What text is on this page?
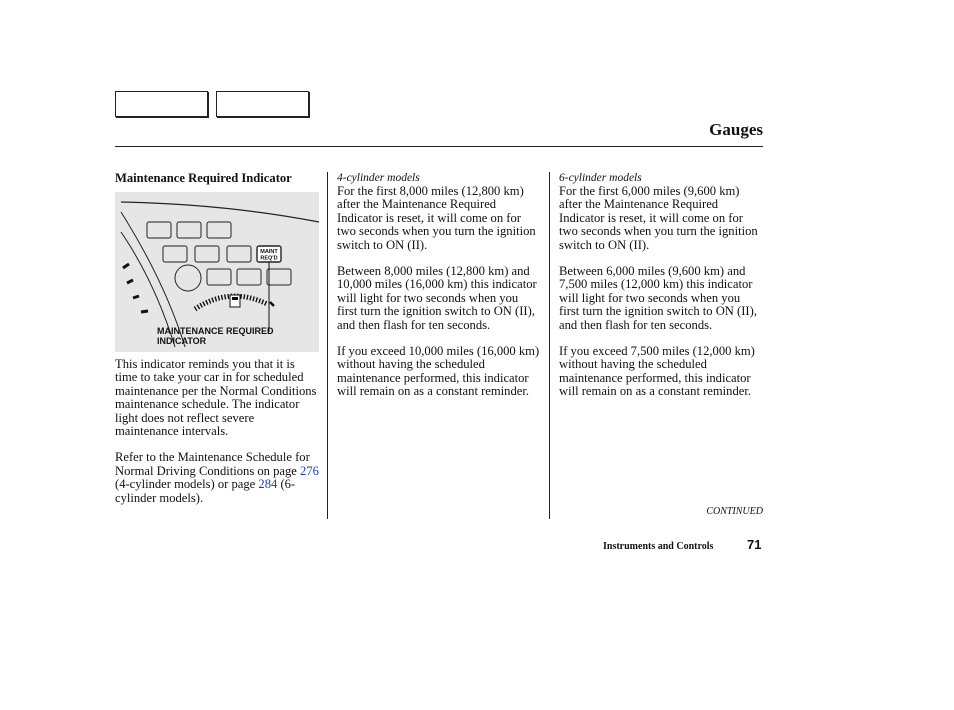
Gauges
Maintenance Required Indicator
MAINT
REQ'D
MAINTENANCE REQUIRED
INDICATOR

This indicator reminds you that it is time to take your car in for scheduled maintenance per the Normal Conditions maintenance schedule. The indicator light does not reflect severe maintenance intervals.

Refer to the Maintenance Schedule for Normal Driving Conditions on page 276 (4-cylinder models) or page 284 (6-cylinder models).

4-cylinder models

For the first 8,000 miles (12,800 km) after the Maintenance Required Indicator is reset, it will come on for two seconds when you turn the ignition switch to ON (II).

Between 8,000 miles (12,800 km) and 10,000 miles (16,000 km) this indicator will light for two seconds when you first turn the ignition switch to ON (II), and then flash for ten seconds.

If you exceed 10,000 miles (16,000 km) without having the scheduled maintenance performed, this indicator will remain on as a constant reminder.

6-cylinder models

For the first 6,000 miles (9,600 km) after the Maintenance Required Indicator is reset, it will come on for two seconds when you turn the ignition switch to ON (II).

Between 6,000 miles (9,600 km) and 7,500 miles (12,000 km) this indicator will light for two seconds when you first turn the ignition switch to ON (II), and then flash for ten seconds.

If you exceed 7,500 miles (12,000 km) without having the scheduled maintenance performed, this indicator will remain on as a constant reminder.

CONTINUED
Instruments and Controls	71
